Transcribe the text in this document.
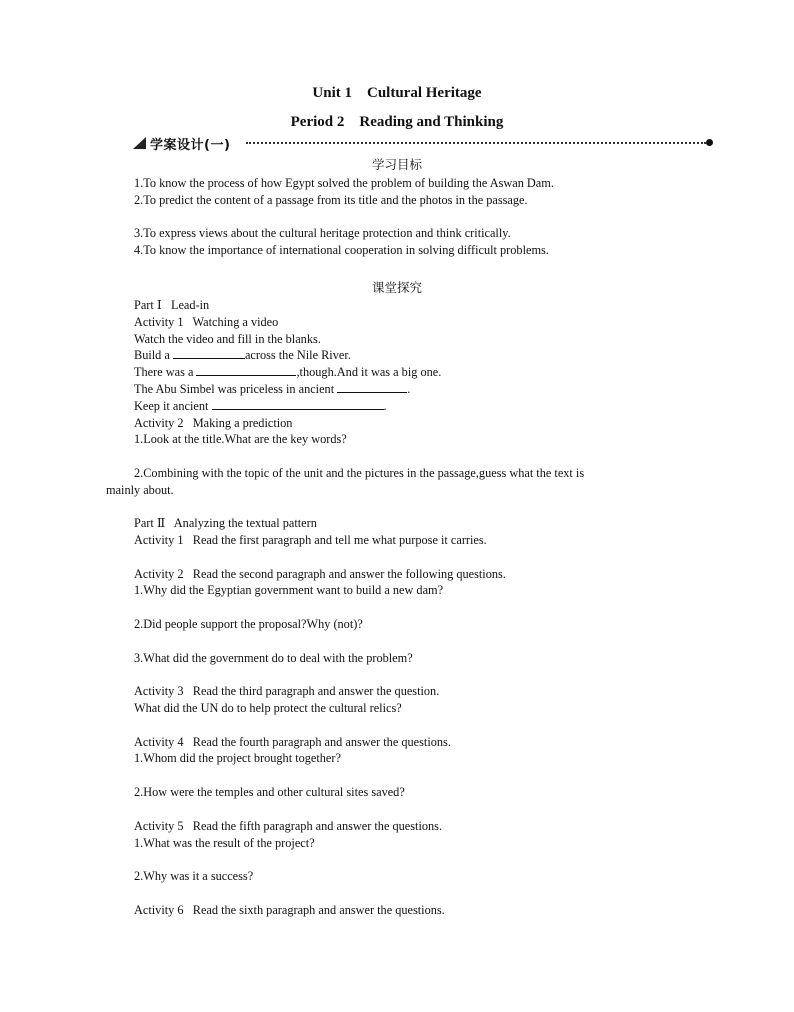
Unit 1    Cultural Heritage
Period 2    Reading and Thinking
学案设计(一)
学习目标
1.To know the process of how Egypt solved the problem of building the Aswan Dam.
2.To predict the content of a passage from its title and the photos in the passage.
3.To express views about the cultural heritage protection and think critically.
4.To know the importance of international cooperation in solving difficult problems.
课堂探究
Part Ⅰ   Lead-in
Activity 1   Watching a video
Watch the video and fill in the blanks.
Build a	across the Nile River.
There was a	,though.And it was a big one.
The Abu Simbel was priceless in ancient	.
Keep it ancient	.
Activity 2   Making a prediction
1.Look at the title.What are the key words?
2.Combining with the topic of the unit and the pictures in the passage,guess what the text is
mainly about.
Part Ⅱ   Analyzing the textual pattern
Activity 1   Read the first paragraph and tell me what purpose it carries.
Activity 2   Read the second paragraph and answer the following questions.
1.Why did the Egyptian government want to build a new dam?
2.Did people support the proposal?Why (not)?
3.What did the government do to deal with the problem?
Activity 3   Read the third paragraph and answer the question.
What did the UN do to help protect the cultural relics?
Activity 4   Read the fourth paragraph and answer the questions.
1.Whom did the project brought together?
2.How were the temples and other cultural sites saved?
Activity 5   Read the fifth paragraph and answer the questions.
1.What was the result of the project?
2.Why was it a success?
Activity 6   Read the sixth paragraph and answer the questions.
